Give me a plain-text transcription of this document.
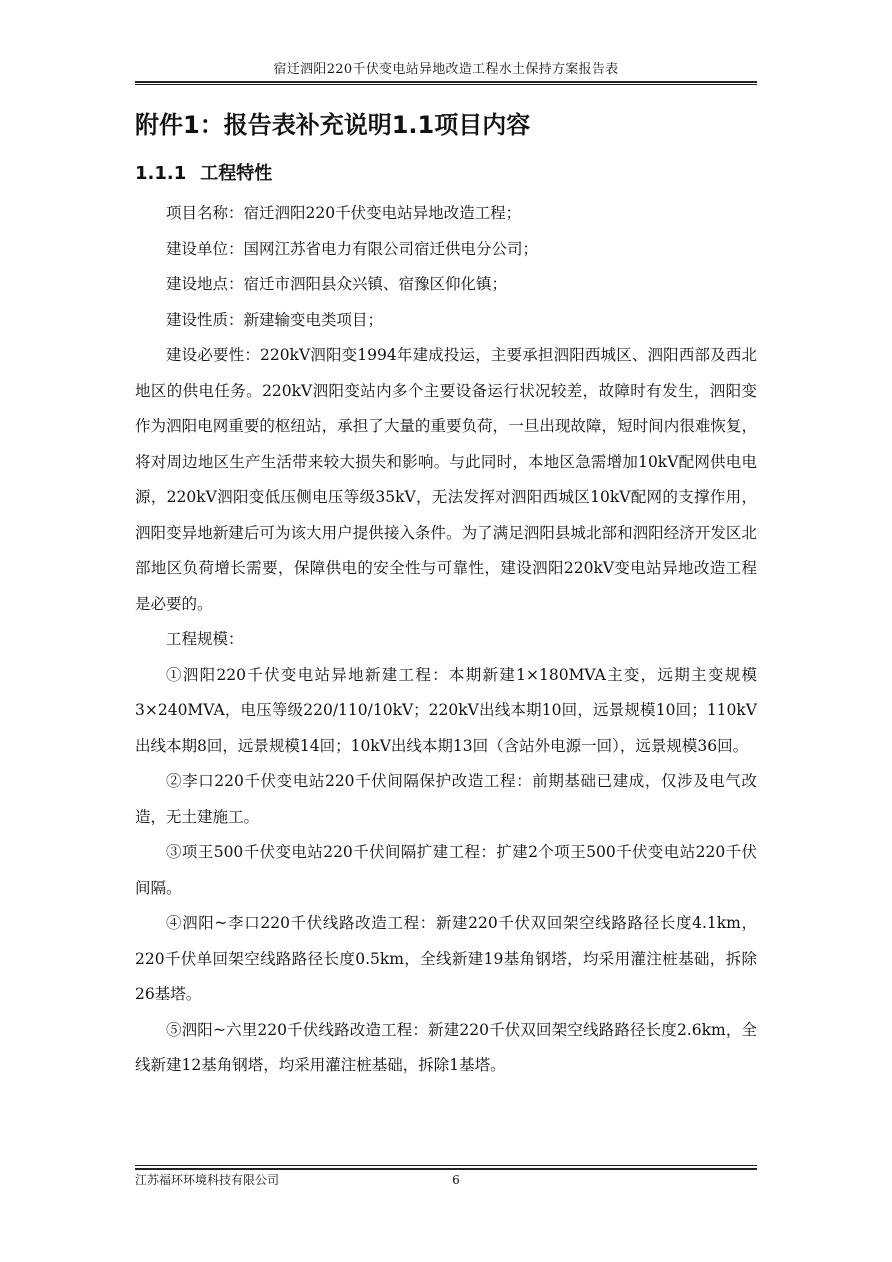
宿迁泗阳220千伏变电站异地改造工程水土保持方案报告表
附件1：报告表补充说明1.1项目内容
1.1.1 工程特性

项目名称：宿迁泗阳220千伏变电站异地改造工程；

建设单位：国网江苏省电力有限公司宿迁供电分公司；

建设地点：宿迁市泗阳县众兴镇、宿豫区仰化镇；

建设性质：新建输变电类项目；

建设必要性：220kV泗阳变1994年建成投运，主要承担泗阳西城区、泗阳西部及西北地区的供电任务。220kV泗阳变站内多个主要设备运行状况较差，故障时有发生，泗阳变作为泗阳电网重要的枢纽站，承担了大量的重要负荷，一旦出现故障，短时间内很难恢复，将对周边地区生产生活带来较大损失和影响。与此同时，本地区急需增加10kV配网供电电源，220kV泗阳变低压侧电压等级35kV，无法发挥对泗阳西城区10kV配网的支撑作用，泗阳变异地新建后可为该大用户提供接入条件。为了满足泗阳县城北部和泗阳经济开发区北部地区负荷增长需要，保障供电的安全性与可靠性，建设泗阳220kV变电站异地改造工程是必要的。

工程规模：

①泗阳220千伏变电站异地新建工程：本期新建1×180MVA主变，远期主变规模3×240MVA，电压等级220/110/10kV；220kV出线本期10回，远景规模10回；110kV出线本期8回，远景规模14回；10kV出线本期13回（含站外电源一回），远景规模36回。

②李口220千伏变电站220千伏间隔保护改造工程：前期基础已建成，仅涉及电气改造，无土建施工。

③项王500千伏变电站220千伏间隔扩建工程：扩建2个项王500千伏变电站220千伏间隔。

④泗阳~李口220千伏线路改造工程：新建220千伏双回架空线路路径长度4.1km，220千伏单回架空线路路径长度0.5km，全线新建19基角钢塔，均采用灌注桩基础，拆除26基塔。

⑤泗阳~六里220千伏线路改造工程：新建220千伏双回架空线路路径长度2.6km，全线新建12基角钢塔，均采用灌注桩基础，拆除1基塔。

江苏福环环境科技有限公司	6
